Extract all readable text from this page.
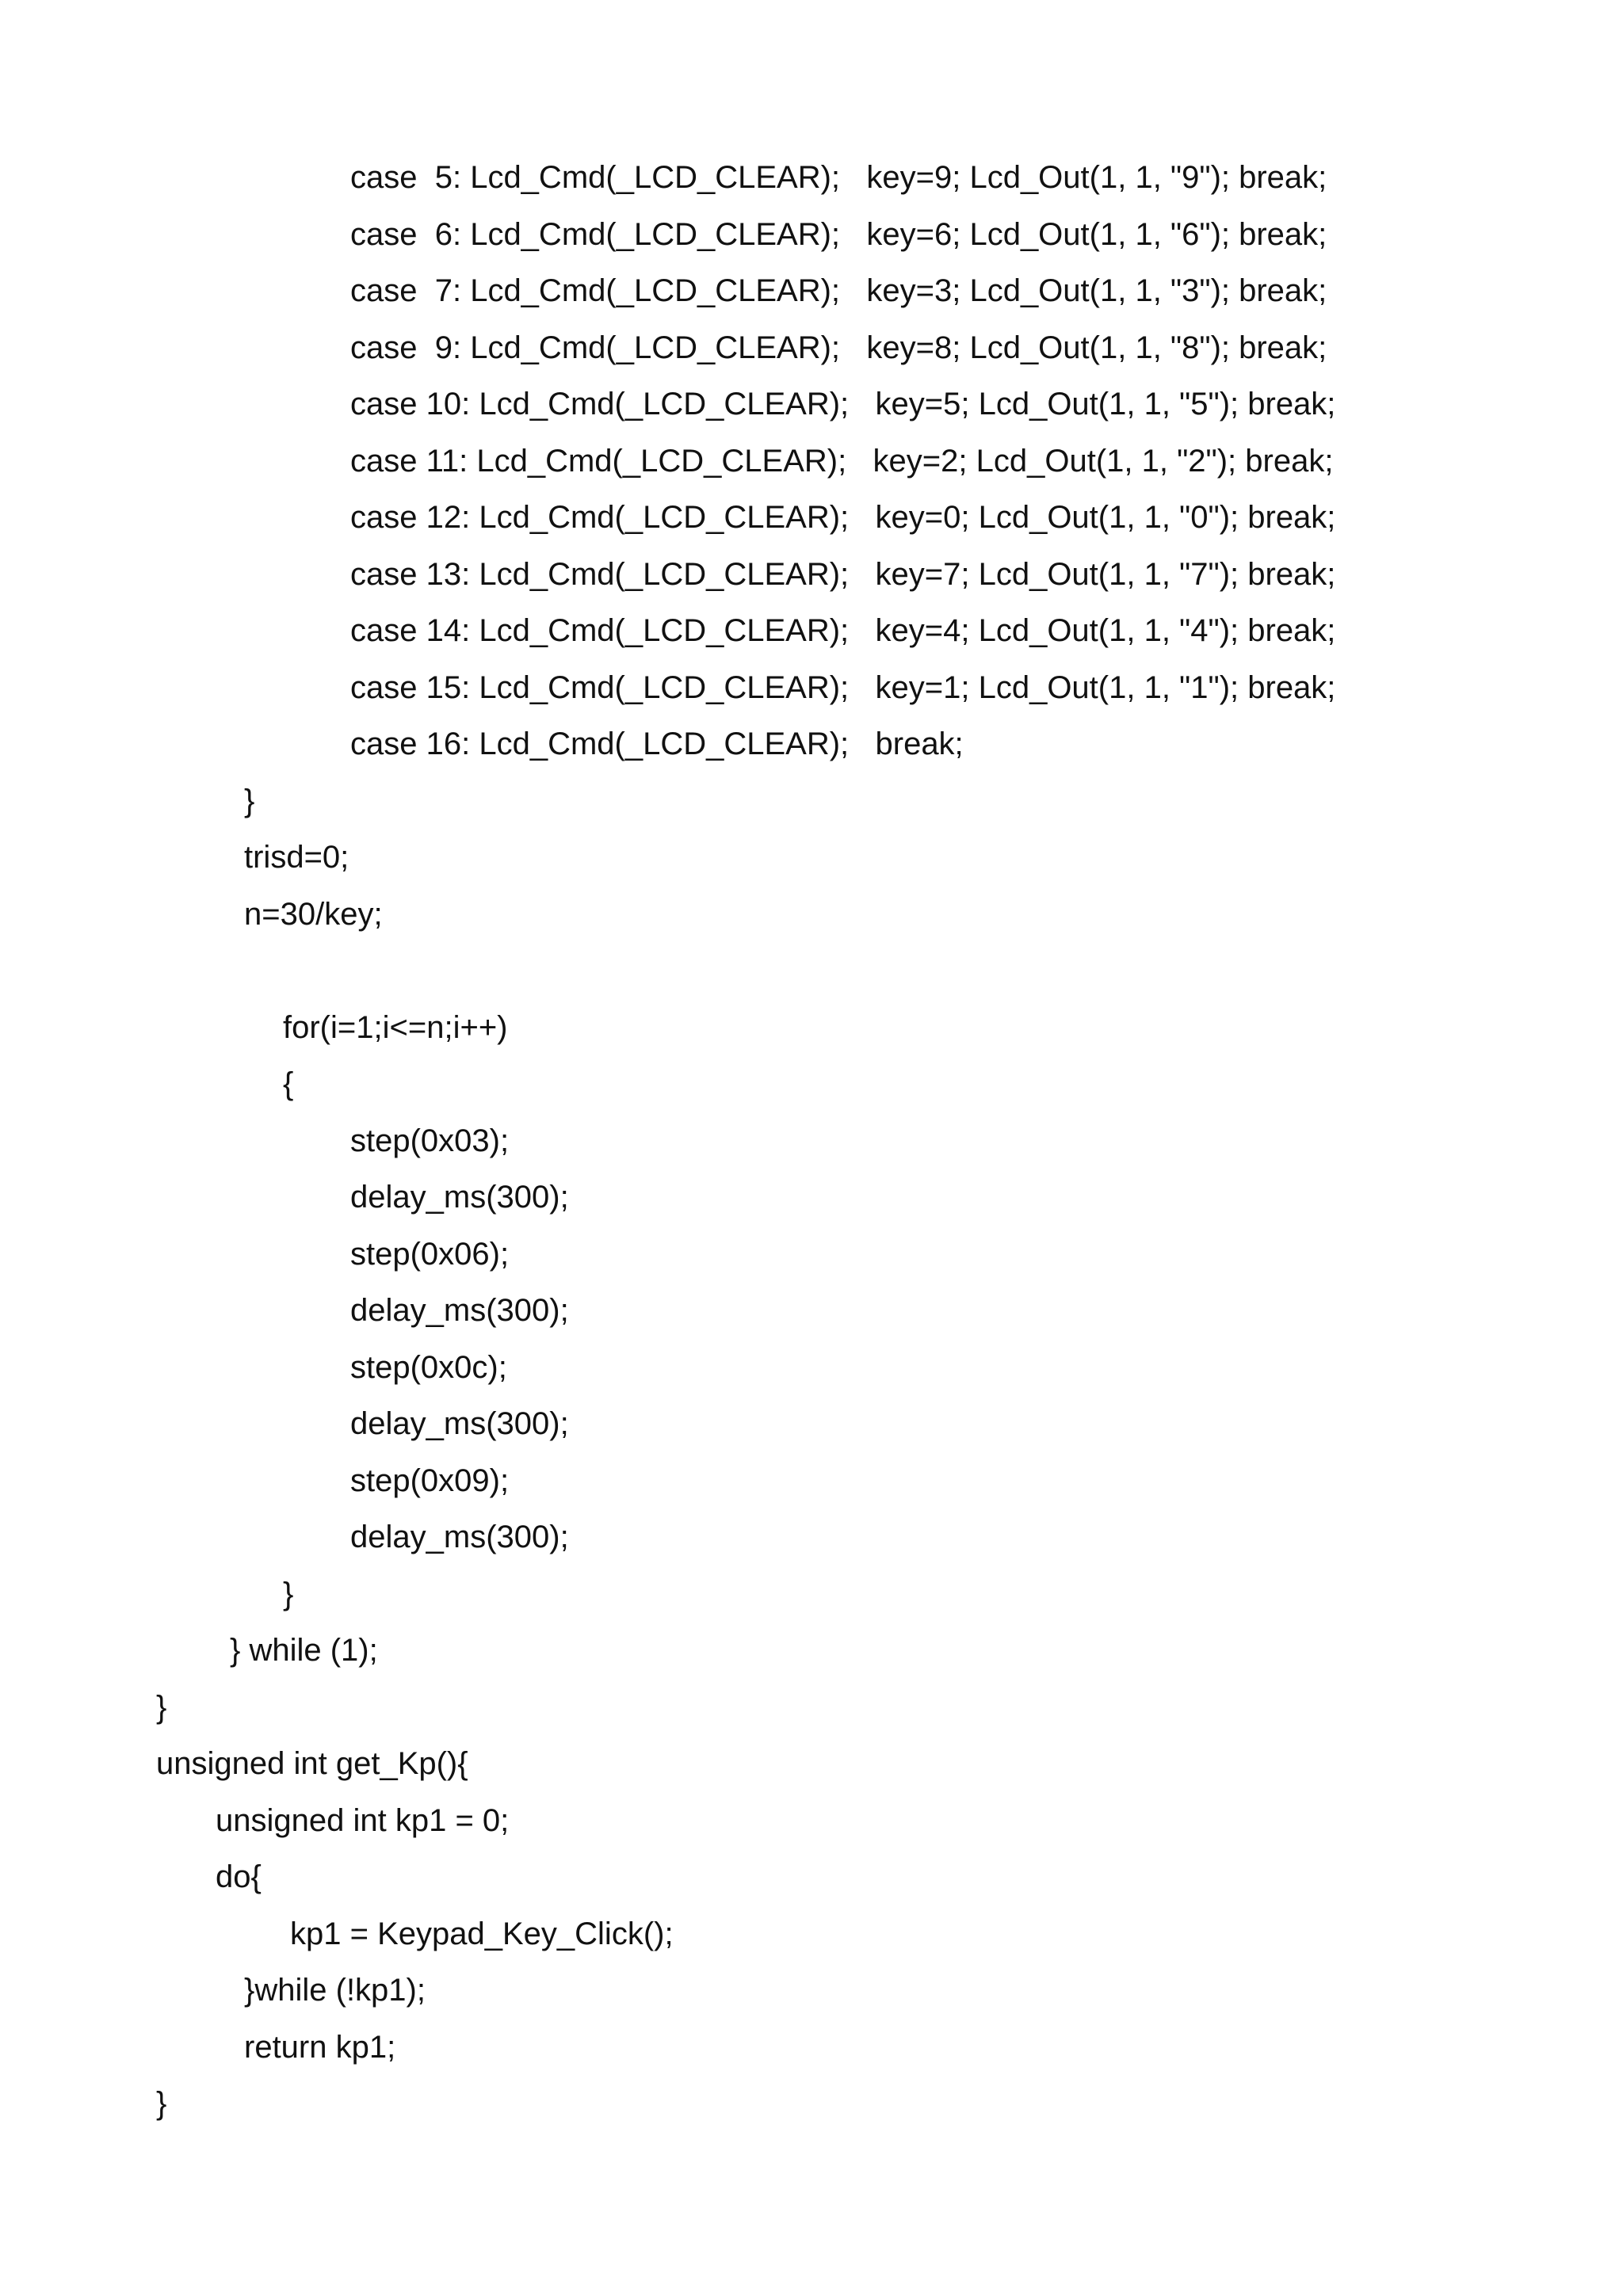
case  5: Lcd_Cmd(_LCD_CLEAR);   key=9; Lcd_Out(1, 1, "9"); break;
case  6: Lcd_Cmd(_LCD_CLEAR);   key=6; Lcd_Out(1, 1, "6"); break;
case  7: Lcd_Cmd(_LCD_CLEAR);   key=3; Lcd_Out(1, 1, "3"); break;
case  9: Lcd_Cmd(_LCD_CLEAR);   key=8; Lcd_Out(1, 1, "8"); break;
case 10: Lcd_Cmd(_LCD_CLEAR);   key=5; Lcd_Out(1, 1, "5"); break;
case 11: Lcd_Cmd(_LCD_CLEAR);   key=2; Lcd_Out(1, 1, "2"); break;
case 12: Lcd_Cmd(_LCD_CLEAR);   key=0; Lcd_Out(1, 1, "0"); break;
case 13: Lcd_Cmd(_LCD_CLEAR);   key=7; Lcd_Out(1, 1, "7"); break;
case 14: Lcd_Cmd(_LCD_CLEAR);   key=4; Lcd_Out(1, 1, "4"); break;
case 15: Lcd_Cmd(_LCD_CLEAR);   key=1; Lcd_Out(1, 1, "1"); break;
case 16: Lcd_Cmd(_LCD_CLEAR);   break;
}
trisd=0;
n=30/key;
for(i=1;i<=n;i++)
{
step(0x03);
delay_ms(300);
step(0x06);
delay_ms(300);
step(0x0c);
delay_ms(300);
step(0x09);
delay_ms(300);
}
} while (1);
}
unsigned int get_Kp(){
unsigned int kp1 = 0;
do{
kp1 = Keypad_Key_Click();
}while (!kp1);
return kp1;
}
